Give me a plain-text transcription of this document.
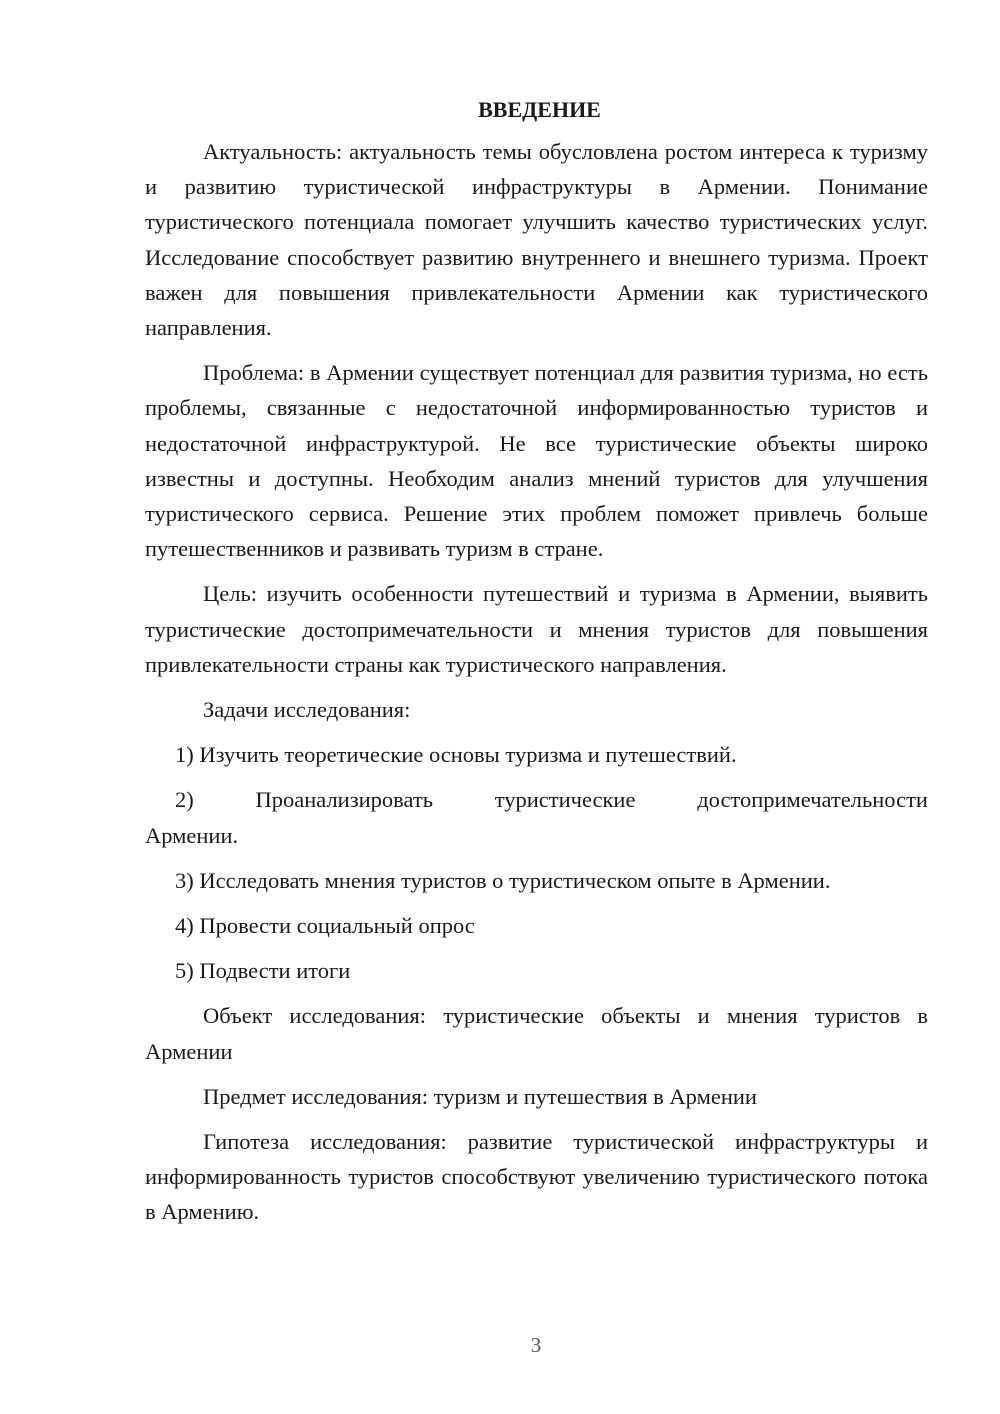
ВВЕДЕНИЕ

Актуальность: актуальность темы обусловлена ростом интереса к туризму и развитию туристической инфраструктуры в Армении. Понимание туристического потенциала помогает улучшить качество туристических услуг. Исследование способствует развитию внутреннего и внешнего туризма. Проект важен для повышения привлекательности Армении как туристического направления.

Проблема: в Армении существует потенциал для развития туризма, но есть проблемы, связанные с недостаточной информированностью туристов и недостаточной инфраструктурой. Не все туристические объекты широко известны и доступны. Необходим анализ мнений туристов для улучшения туристического сервиса. Решение этих проблем поможет привлечь больше путешественников и развивать туризм в стране.

Цель: изучить особенности путешествий и туризма в Армении, выявить туристические достопримечательности и мнения туристов для повышения привлекательности страны как туристического направления.

Задачи исследования:

1) Изучить теоретические основы туризма и путешествий.

2)	Проанализировать	туристические	достопримечательности

Армении.

3) Исследовать мнения туристов о туристическом опыте в Армении.

4) Провести социальный опрос

5) Подвести итоги

Объект исследования: туристические объекты и мнения туристов в Армении

Предмет исследования: туризм и путешествия в Армении

Гипотеза исследования: развитие туристической инфраструктуры и информированность туристов способствуют увеличению туристического потока в Армению.

3
